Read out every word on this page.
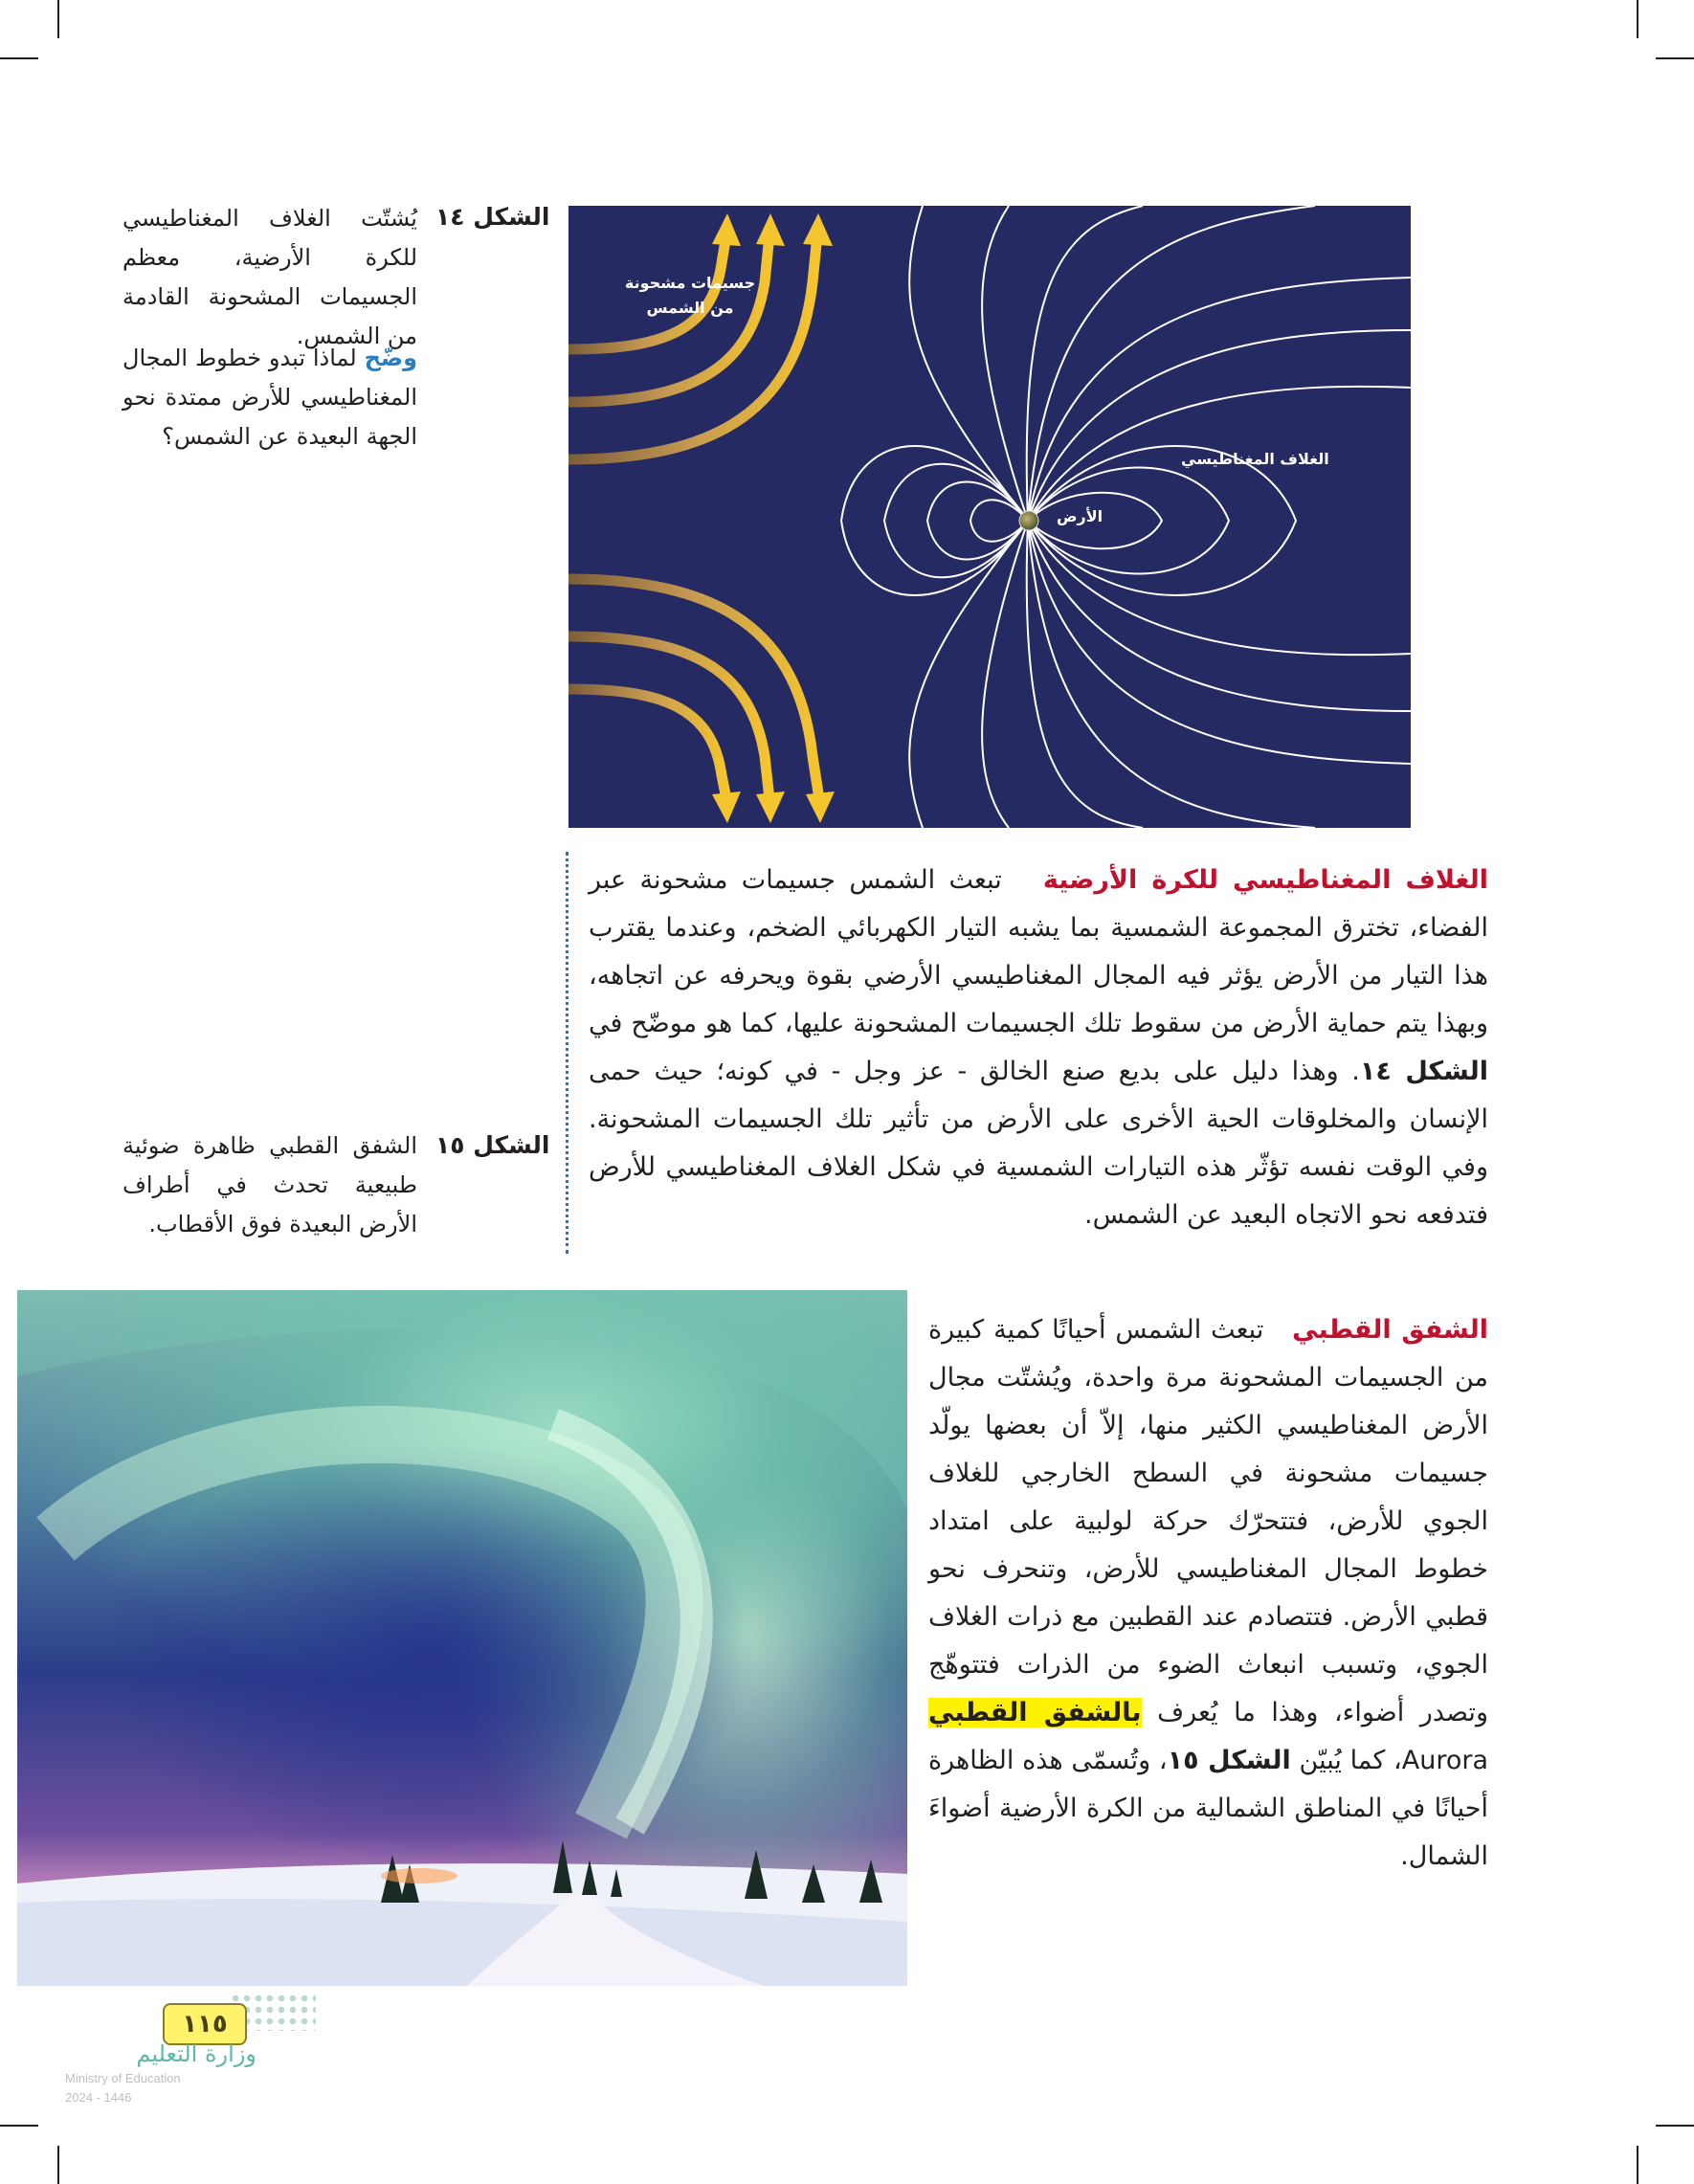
الشكل ١٤
يُشتّت الغلاف المغناطيسي للكرة الأرضية، معظم الجسيمات المشحونة القادمة من الشمس.
وضّح لماذا تبدو خطوط المجال المغناطيسي للأرض ممتدة نحو الجهة البعيدة عن الشمس؟
جسيمات مشحونة
من الشمس
الغلاف المغناطيسي
الأرض
الغلاف المغناطيسي للكرة الأرضية   تبعث الشمس جسيمات مشحونة عبر الفضاء، تخترق المجموعة الشمسية بما يشبه التيار الكهربائي الضخم، وعندما يقترب هذا التيار من الأرض يؤثر فيه المجال المغناطيسي الأرضي بقوة ويحرفه عن اتجاهه، وبهذا يتم حماية الأرض من سقوط تلك الجسيمات المشحونة عليها، كما هو موضّح في الشكل ١٤. وهذا دليل على بديع صنع الخالق - عز وجل - في كونه؛ حيث حمى الإنسان والمخلوقات الحية الأخرى على الأرض من تأثير تلك الجسيمات المشحونة. وفي الوقت نفسه تؤثّر هذه التيارات الشمسية في شكل الغلاف المغناطيسي للأرض فتدفعه نحو الاتجاه البعيد عن الشمس.
الشكل ١٥
الشفق القطبي ظاهرة ضوئية طبيعية تحدث في أطراف الأرض البعيدة فوق الأقطاب.
الشفق القطبي   تبعث الشمس أحيانًا كمية كبيرة من الجسيمات المشحونة مرة واحدة، ويُشتّت مجال الأرض المغناطيسي الكثير منها، إلاّ أن بعضها يولّد جسيمات مشحونة في السطح الخارجي للغلاف الجوي للأرض، فتتحرّك حركة لولبية على امتداد خطوط المجال المغناطيسي للأرض، وتنحرف نحو قطبي الأرض. فتتصادم عند القطبين مع ذرات الغلاف الجوي، وتسبب انبعاث الضوء من الذرات فتتوهّج وتصدر أضواء، وهذا ما يُعرف بالشفق القطبي Aurora، كما يُبيّن الشكل ١٥، وتُسمّى هذه الظاهرة أحيانًا في المناطق الشمالية من الكرة الأرضية أضواءَ الشمال.
١١٥
وزارة التعليم
Ministry of Education
2024 - 1446
